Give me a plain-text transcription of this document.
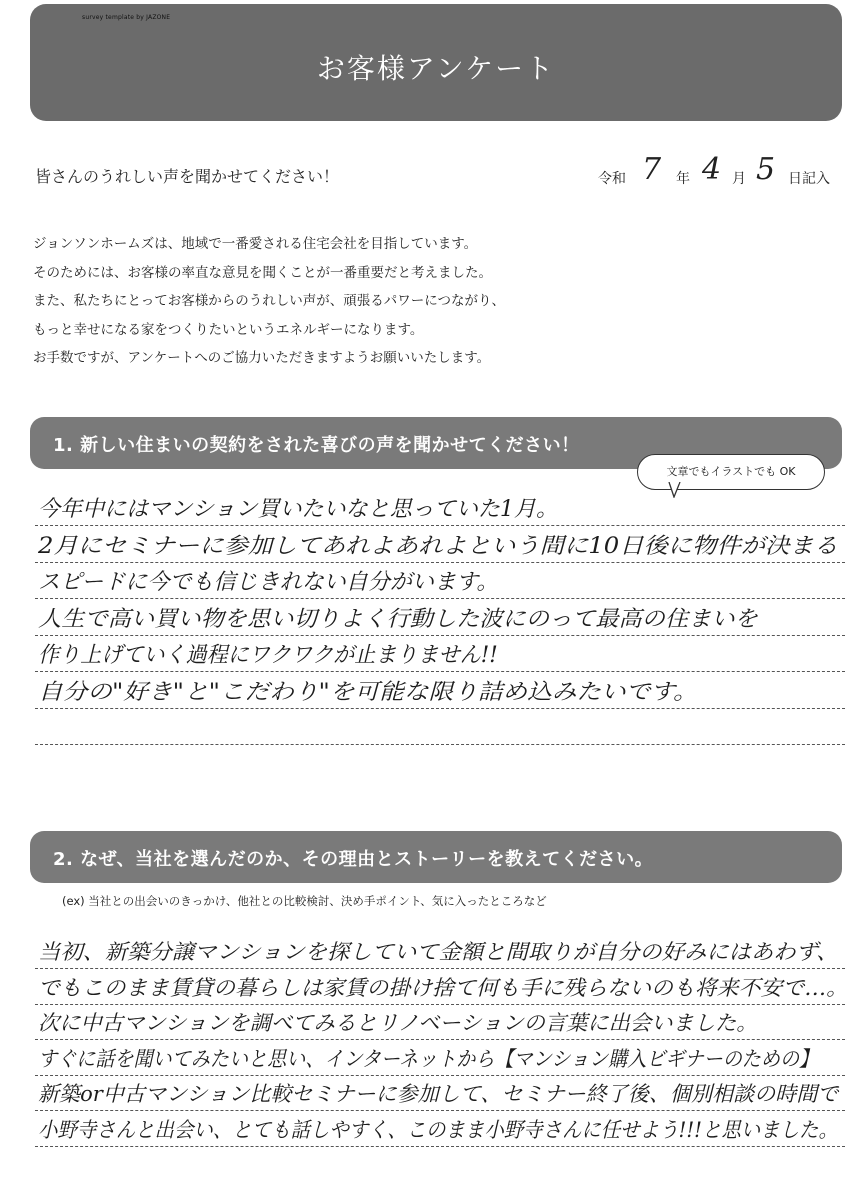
survey template by JAZONE
お客様アンケート
皆さんのうれしい声を聞かせてください！	令和 7 年 4 月 5 日記入
ジョンソンホームズは、地域で一番愛される住宅会社を目指しています。
そのためには、お客様の率直な意見を聞くことが一番重要だと考えました。
また、私たちにとってお客様からのうれしい声が、頑張るパワーにつながり、
もっと幸せになる家をつくりたいというエネルギーになります。
お手数ですが、アンケートへのご協力いただきますようお願いいたします。
1. 新しい住まいの契約をされた喜びの声を聞かせてください！
文章でもイラストでも OK
今年中にはマンション買いたいなと思っていた1月。
2月にセミナーに参加してあれよあれよという間に10日後に物件が決まる
スピードに今でも信じきれない自分がいます。
人生で高い買い物を思い切りよく行動した波にのって最高の住まいを
作り上げていく過程にワクワクが止まりません!!
自分の"好き"と"こだわり"を可能な限り詰め込みたいです。
2. なぜ、当社を選んだのか、その理由とストーリーを教えてください。
(ex) 当社との出会いのきっかけ、他社との比較検討、決め手ポイント、気に入ったところなど
当初、新築分譲マンションを探していて金額と間取りが自分の好みにはあわず、
でもこのまま賃貸の暮らしは家賃の掛け捨て何も手に残らないのも将来不安で…。
次に中古マンションを調べてみるとリノベーションの言葉に出会いました。
すぐに話を聞いてみたいと思い、インターネットから【マンション購入ビギナーのための】
新築or中古マンション比較セミナーに参加して、セミナー終了後、個別相談の時間で
小野寺さんと出会い、とても話しやすく、このまま小野寺さんに任せよう!!!と思いました。
